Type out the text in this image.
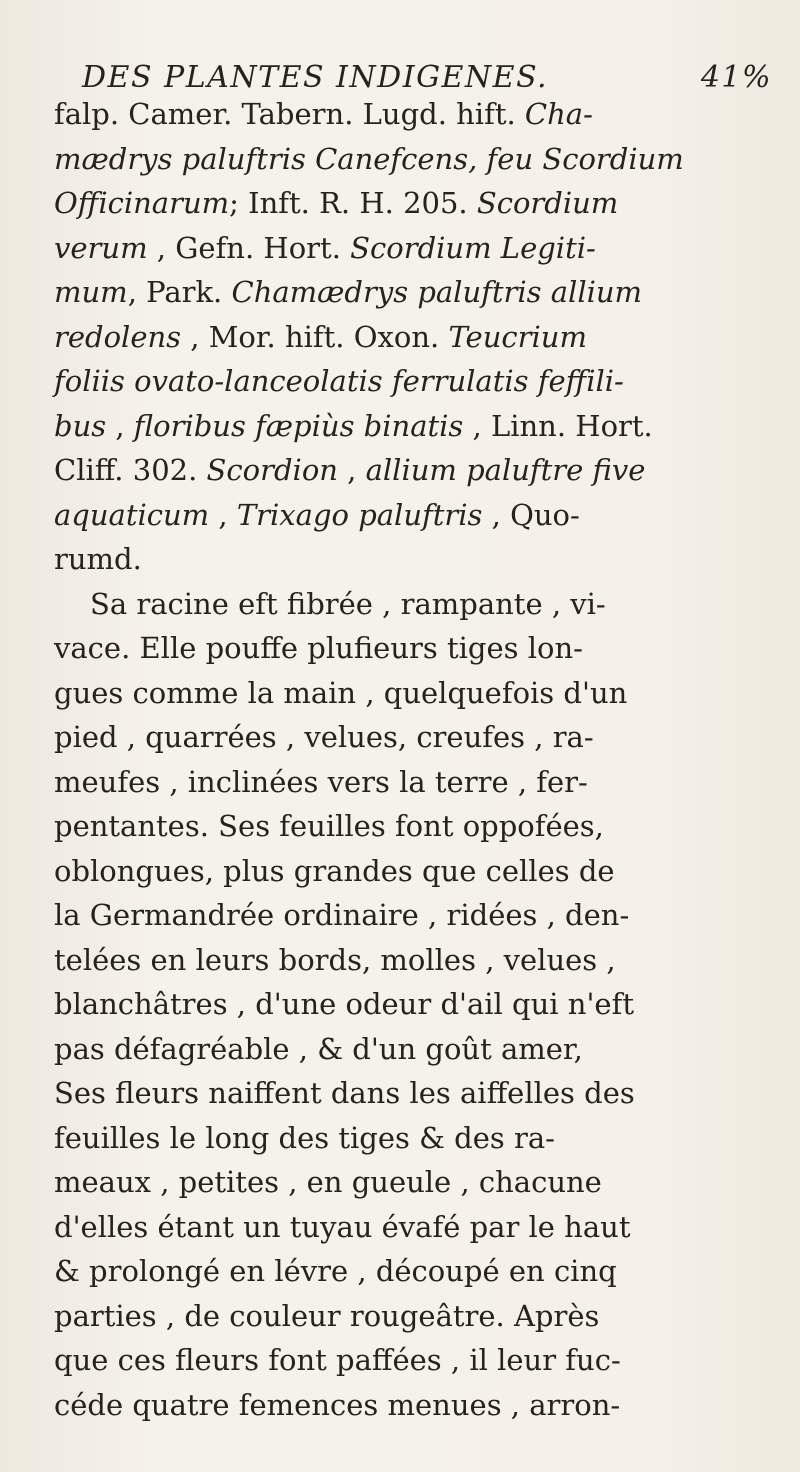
DES PLANTES INDIGENES.	41%
falp. Camer. Tabern. Lugd. hift. Cha-
mædrys paluftris Canefcens, feu Scordium
Officinarum; Inft. R. H. 205. Scordium
verum , Gefn. Hort. Scordium Legiti-
mum, Park. Chamædrys paluftris allium
redolens , Mor. hift. Oxon. Teucrium
foliis ovato-lanceolatis ferrulatis feffili-
bus , floribus fæpiùs binatis , Linn. Hort.
Cliff. 302. Scordion , allium paluftre five
aquaticum , Trixago paluftris , Quo-
rumd.
Sa racine eft fibrée , rampante , vi-
vace. Elle pouffe plufieurs tiges lon-
gues comme la main , quelquefois d'un
pied , quarrées , velues, creufes , ra-
meufes , inclinées vers la terre , fer-
pentantes. Ses feuilles font oppofées,
oblongues, plus grandes que celles de
la Germandrée ordinaire , ridées , den-
telées en leurs bords, molles , velues ,
blanchâtres , d'une odeur d'ail qui n'eft
pas défagréable , & d'un goût amer,
Ses fleurs naiffent dans les aiffelles des
feuilles le long des tiges & des ra-
meaux , petites , en gueule , chacune
d'elles étant un tuyau évafé par le haut
& prolongé en lévre , découpé en cinq
parties , de couleur rougeâtre. Après
que ces fleurs font paffées , il leur fuc-
céde quatre femences menues , arron-
